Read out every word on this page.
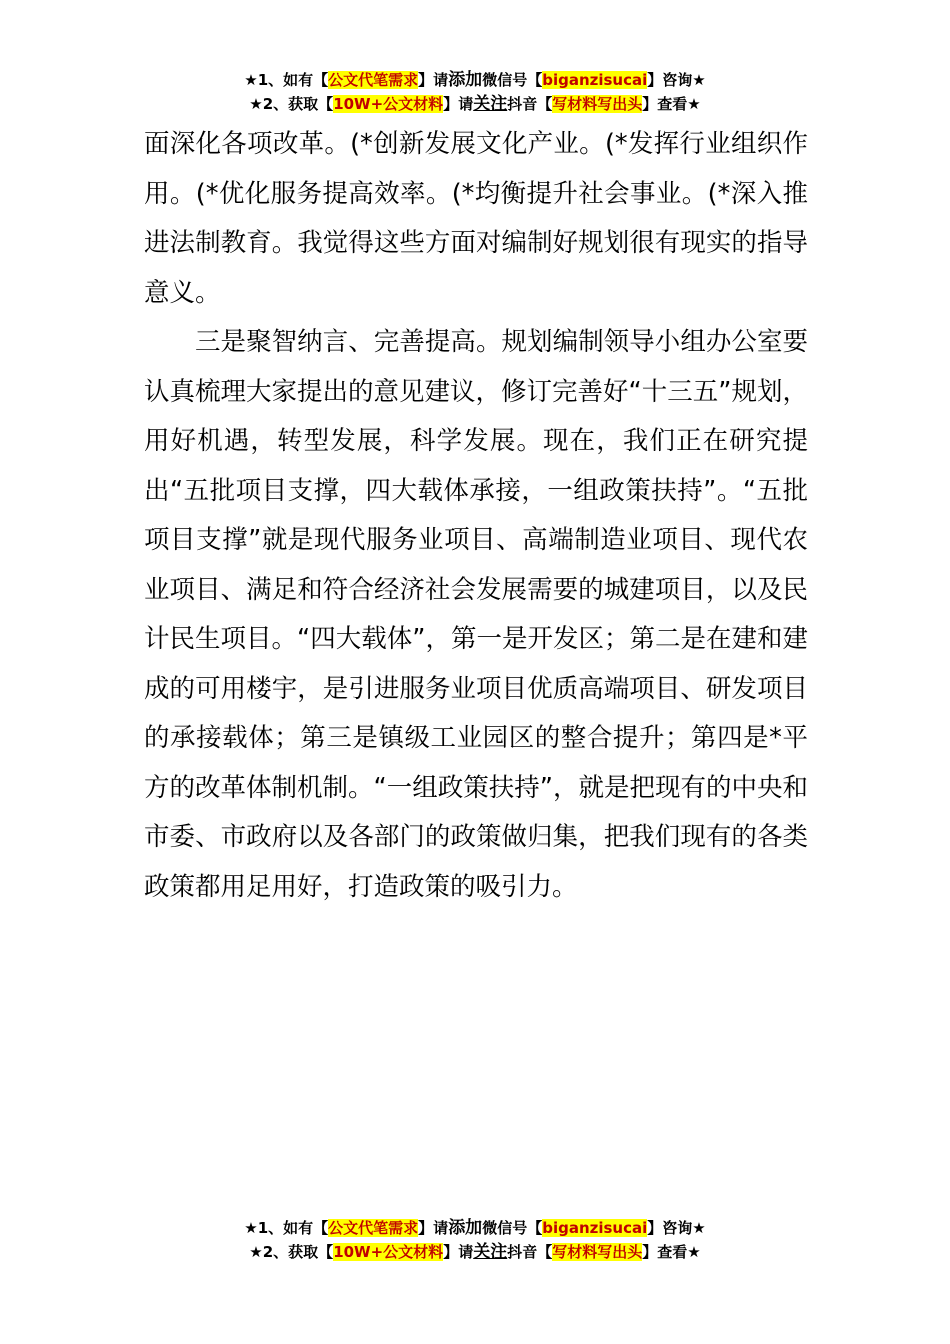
★1、如有【公文代笔需求】请添加微信号【biganzisucai】咨询★
★2、获取【10W+公文材料】请关注抖音【写材料写出头】查看★

面深化各项改革。(*创新发展文化产业。(*发挥行业组织作用。(*优化服务提高效率。(*均衡提升社会事业。(*深入推进法制教育。我觉得这些方面对编制好规划很有现实的指导意义。

三是聚智纳言、完善提高。规划编制领导小组办公室要认真梳理大家提出的意见建议，修订完善好“十三五”规划，用好机遇，转型发展，科学发展。现在，我们正在研究提出“五批项目支撑，四大载体承接，一组政策扶持”。“五批项目支撑”就是现代服务业项目、高端制造业项目、现代农业项目、满足和符合经济社会发展需要的城建项目，以及民计民生项目。“四大载体”，第一是开发区；第二是在建和建成的可用楼宇，是引进服务业项目优质高端项目、研发项目的承接载体；第三是镇级工业园区的整合提升；第四是*平方的改革体制机制。“一组政策扶持”，就是把现有的中央和市委、市政府以及各部门的政策做归集，把我们现有的各类政策都用足用好，打造政策的吸引力。

★1、如有【公文代笔需求】请添加微信号【biganzisucai】咨询★
★2、获取【10W+公文材料】请关注抖音【写材料写出头】查看★
